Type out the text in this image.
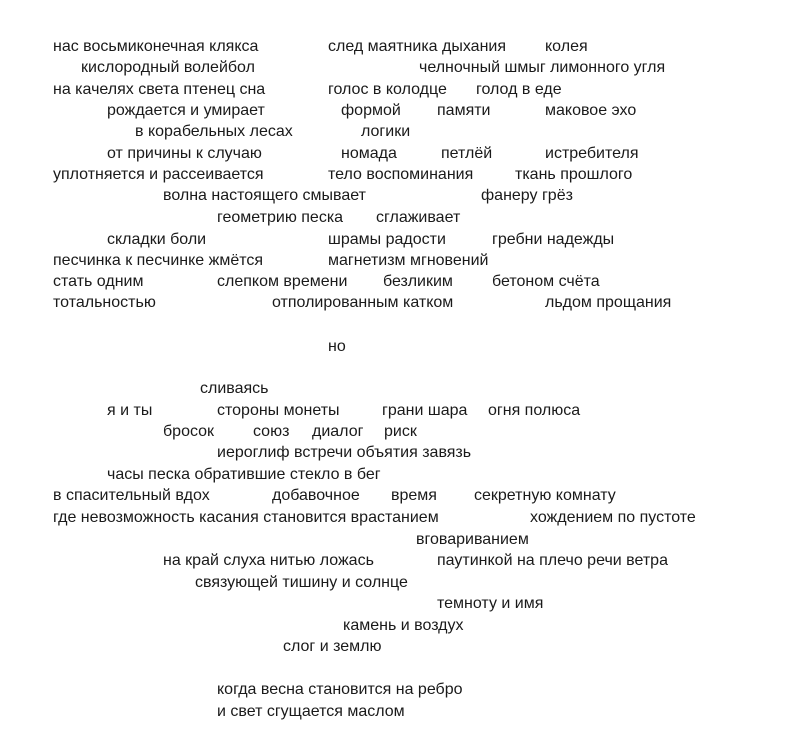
нас восьмиконечная клякса	след маятника дыхания колея
кислородный волейбол	челночный шмыг лимонного угля
на качелях света птенец сна	голос в колодце голод в еде
рождается и умирает	формой памяти	маковое эхо
в корабельных лесах	логики
от причины к случаю	номада	петлёй	истребителя
уплотняется и рассеивается	тело воспоминания	ткань прошлого
волна настоящего смывает	фанеру грёз
геометрию песка сглаживает
складки боли	шрамы радости	гребни надежды
песчинка к песчинке жмётся	магнетизм мгновений
стать одним	слепком времени безликим бетоном счёта
тотальностью	отполированным катком	льдом прощания
но
сливаясь
я и ты	стороны монеты	грани шара огня полюса
бросок союз диалог риск
иероглиф встречи объятия завязь
часы песка обратившие стекло в бег
в спасительный вдох	добавочное время секретную комнату
где невозможность касания становится врастанием	хождением по пустоте
вговариванием
на край слуха нитью ложась	паутинкой на плечо речи ветра
связующей тишину и солнце
темноту и имя
камень и воздух
слог и землю
когда весна становится на ребро
и свет сгущается маслом
